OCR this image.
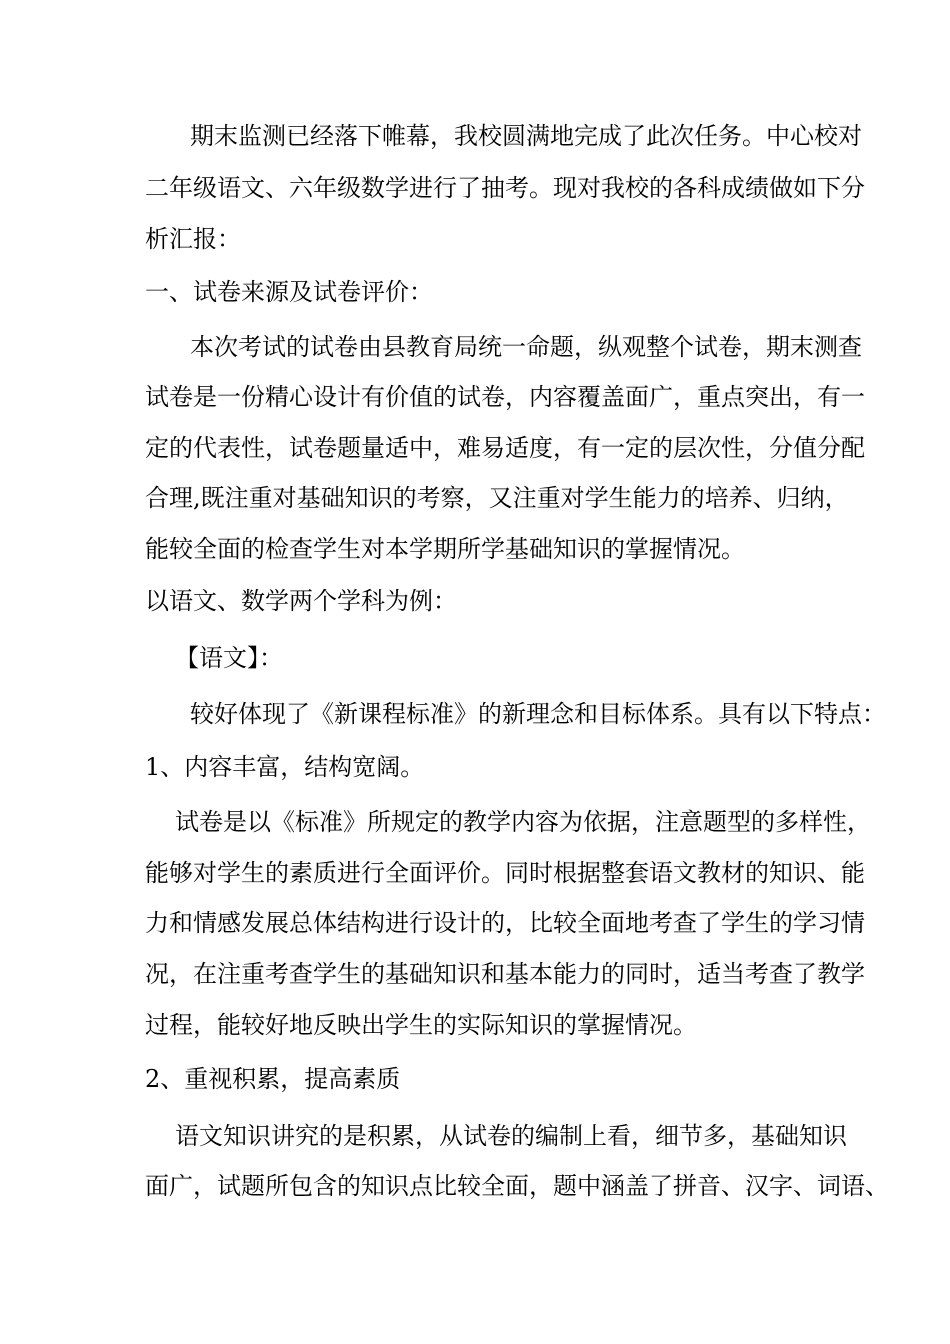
期末监测已经落下帷幕，我校圆满地完成了此次任务。中心校对
二年级语文、六年级数学进行了抽考。现对我校的各科成绩做如下分
析汇报：
一、试卷来源及试卷评价：
本次考试的试卷由县教育局统一命题，纵观整个试卷，期末测查
试卷是一份精心设计有价值的试卷，内容覆盖面广，重点突出，有一
定的代表性，试卷题量适中，难易适度，有一定的层次性，分值分配
合理,既注重对基础知识的考察，又注重对学生能力的培养、归纳，
能较全面的检查学生对本学期所学基础知识的掌握情况。
以语文、数学两个学科为例：
【语文】：
较好体现了《新课程标准》的新理念和目标体系。具有以下特点：
1、内容丰富，结构宽阔。
试卷是以《标准》所规定的教学内容为依据，注意题型的多样性，
能够对学生的素质进行全面评价。同时根据整套语文教材的知识、能
力和情感发展总体结构进行设计的，比较全面地考查了学生的学习情
况，在注重考查学生的基础知识和基本能力的同时，适当考查了教学
过程，能较好地反映出学生的实际知识的掌握情况。
2、重视积累，提高素质
语文知识讲究的是积累，从试卷的编制上看，细节多，基础知识
面广，试题所包含的知识点比较全面，题中涵盖了拼音、汉字、词语、
